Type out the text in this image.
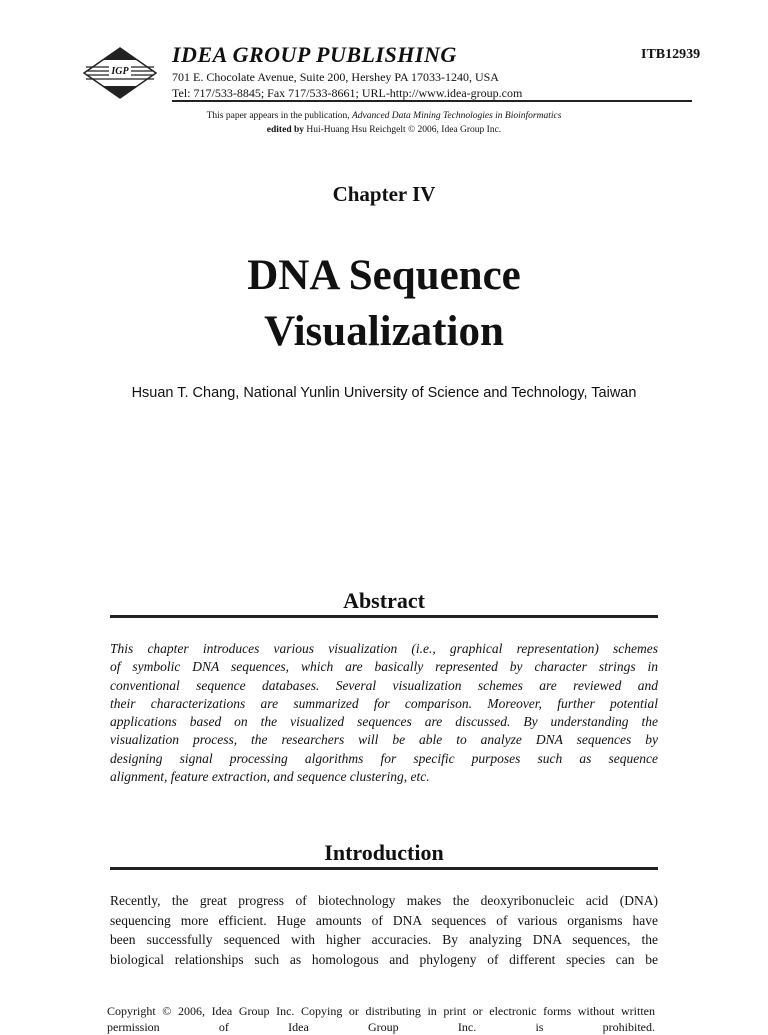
IGP
IDEA GROUP PUBLISHING	ITB12939
701 E. Chocolate Avenue, Suite 200, Hershey PA 17033-1240, USA
Tel: 717/533-8845; Fax 717/533-8661; URL-http://www.idea-group.com
This paper appears in the publication, Advanced Data Mining Technologies in Bioinformatics
edited by Hui-Huang Hsu Reichgelt © 2006, Idea Group Inc.
Chapter IV
DNA Sequence
Visualization
Hsuan T. Chang, National Yunlin University of Science and Technology, Taiwan
Abstract
This chapter introduces various visualization (i.e., graphical representation) schemes
of symbolic DNA sequences, which are basically represented by character strings in
conventional sequence databases. Several visualization schemes are reviewed and
their characterizations are summarized for comparison. Moreover, further potential
applications based on the visualized sequences are discussed. By understanding the
visualization process, the researchers will be able to analyze DNA sequences by
designing signal processing algorithms for specific purposes such as sequence
alignment, feature extraction, and sequence clustering, etc.
Introduction
Recently, the great progress of biotechnology makes the deoxyribonucleic acid (DNA)
sequencing more efficient. Huge amounts of DNA sequences of various organisms have
been successfully sequenced with higher accuracies. By analyzing DNA sequences, the
biological relationships such as homologous and phylogeny of different species can be
Copyright © 2006, Idea Group Inc. Copying or distributing in print or electronic forms without written
permission of Idea Group Inc. is prohibited.
